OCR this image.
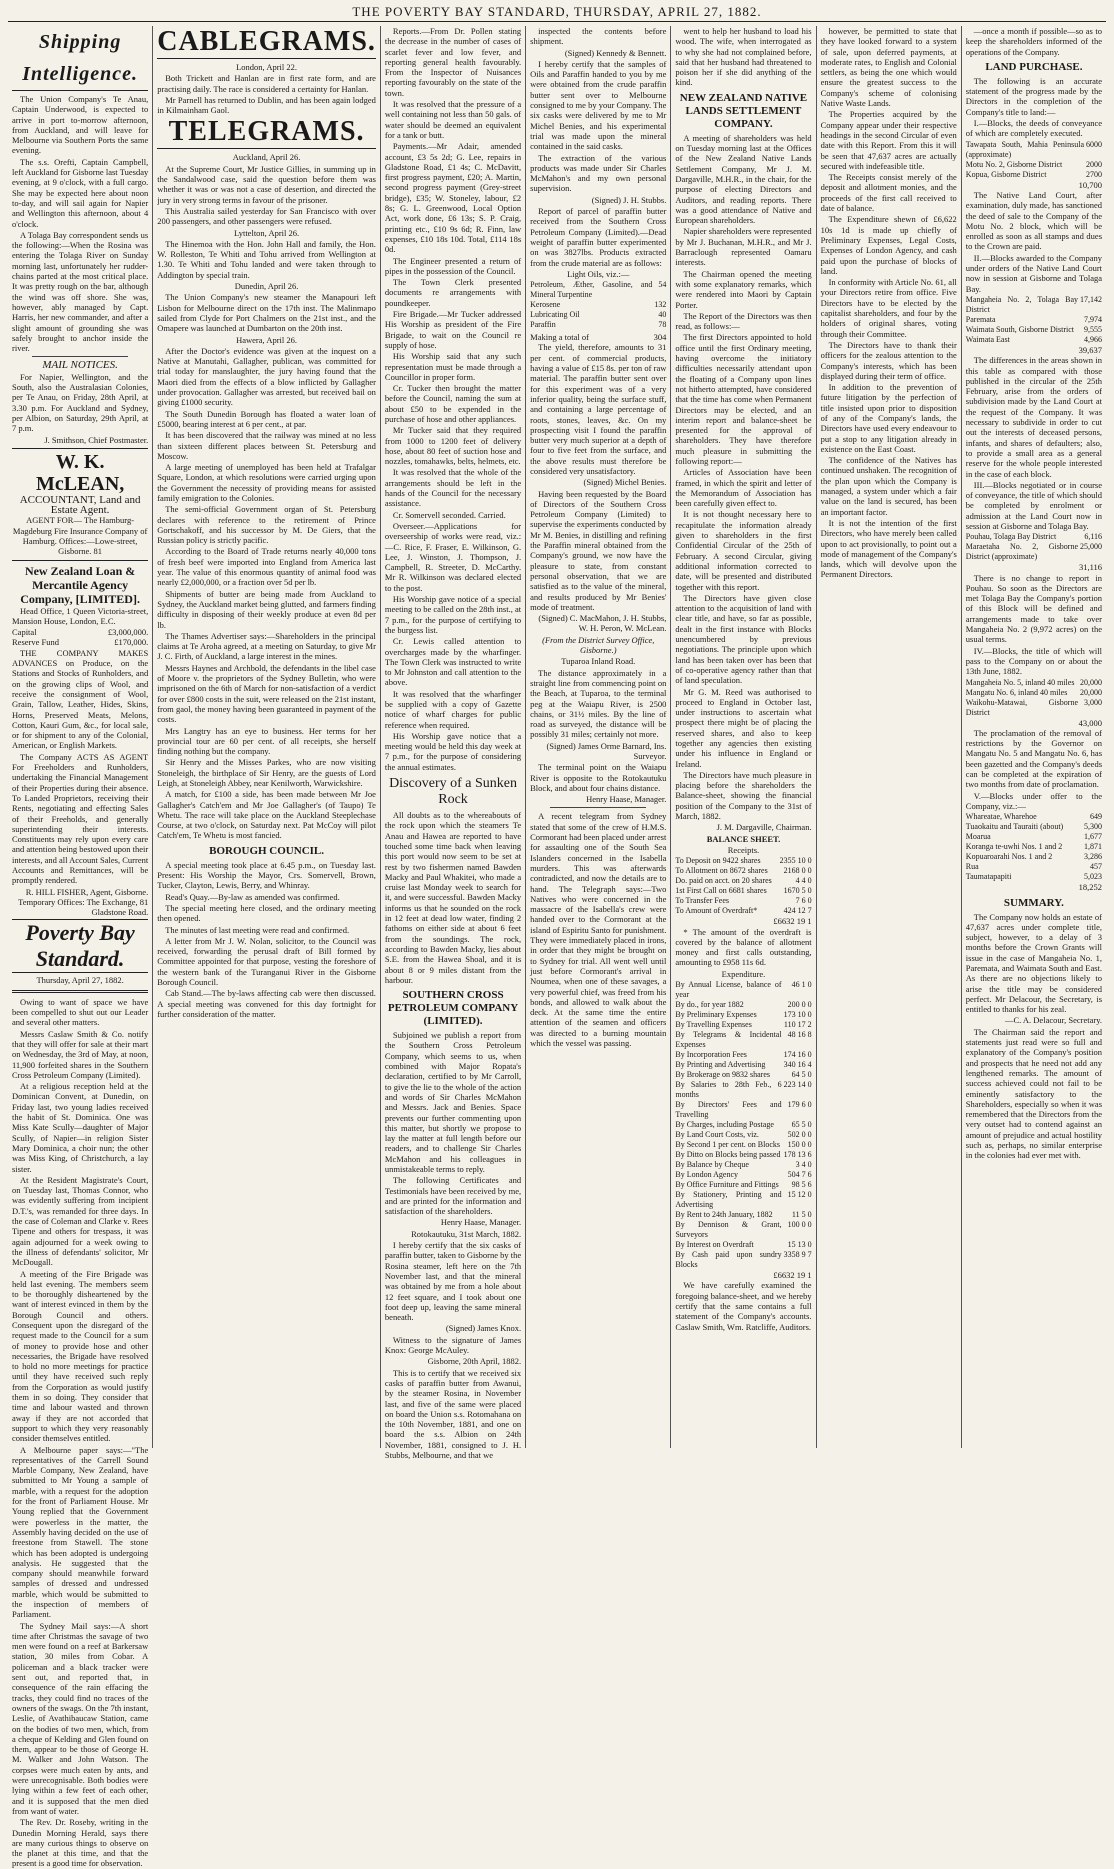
THE POVERTY BAY STANDARD, THURSDAY, APRIL 27, 1882.
Shipping Intelligence.

The Union Company's Te Anau, Captain Underwood, is expected to arrive in port to-morrow afternoon, from Auckland, and will leave for Melbourne via Southern Ports the same evening.

The s.s. Orefti, Captain Campbell, left Auckland for Gisborne last Tuesday evening, at 9 o'clock, with a full cargo. She may be expected here about noon to-day, and will sail again for Napier and Wellington this afternoon, about 4 o'clock.

A Tolaga Bay correspondent sends us the following:—When the Rosina was entering the Tolaga River on Sunday morning last, unfortunately her rudder-chains parted at the most critical place. It was pretty rough on the bar, although the wind was off shore. She was, however, ably managed by Capt. Harris, her new commander, and after a slight amount of grounding she was safely brought to anchor inside the river.

MAIL NOTICES.

For Napier, Wellington, and the South, also the Australasian Colonies, per Te Anau, on Friday, 28th April, at 3.30 p.m. For Auckland and Sydney, per Albion, on Saturday, 29th April, at 7 p.m.

J. Smithson, Chief Postmaster.

W. K. McLEAN,
ACCOUNTANT, Land and Estate Agent.

AGENT FOR— The Hamburg-Magdeburg Fire Insurance Company of Hamburg. Offices:—Lowe-street, Gisborne. 81

New Zealand Loan & Mercantile Agency Company, [LIMITED].

Head Office, 1 Queen Victoria-street, Mansion House, London, E.C.

Capital	£3,000,000.
Reserve Fund	£170,000.

THE COMPANY MAKES ADVANCES on Produce, on the Stations and Stocks of Runholders, and on the growing clips of Wool, and receive the consignment of Wool, Grain, Tallow, Leather, Hides, Skins, Horns, Preserved Meats, Melons, Cotton, Kauri Gum, &c., for local sale, or for shipment to any of the Colonial, American, or English Markets.

The Company ACTS AS AGENT For Freeholders and Runholders, undertaking the Financial Management of their Properties during their absence. To Landed Proprietors, receiving their Rents, negotiating and effecting Sales of their Freeholds, and generally superintending their interests. Constituents may rely upon every care and attention being bestowed upon their interests, and all Account Sales, Current Accounts and Remittances, will be promptly rendered.

R. HILL FISHER, Agent, Gisborne. Temporary Offices: The Exchange, 81 Gladstone Road.

Poverty Bay Standard.

Thursday, April 27, 1882.

Owing to want of space we have been compelled to shut out our Leader and several other matters.

Messrs Caslaw Smith & Co. notify that they will offer for sale at their mart on Wednesday, the 3rd of May, at noon, 11,900 forfeited shares in the Southern Cross Petroleum Company (Limited).

At a religious reception held at the Dominican Convent, at Dunedin, on Friday last, two young ladies received the habit of St. Dominica. One was Miss Kate Scully—daughter of Major Scully, of Napier—in religion Sister Mary Dominica, a choir nun; the other was Miss King, of Christchurch, a lay sister.

At the Resident Magistrate's Court, on Tuesday last, Thomas Connor, who was evidently suffering from incipient D.T.'s, was remanded for three days. In the case of Coleman and Clarke v. Rees Tipene and others for trespass, it was again adjourned for a week owing to the illness of defendants' solicitor, Mr McDougall.

A meeting of the Fire Brigade was held last evening. The members seem to be thoroughly disheartened by the want of interest evinced in them by the Borough Council and others. Consequent upon the disregard of the request made to the Council for a sum of money to provide hose and other necessaries, the Brigade have resolved to hold no more meetings for practice until they have received such reply from the Corporation as would justify them in so doing. They consider that time and labour wasted and thrown away if they are not accorded that support to which they very reasonably consider themselves entitled.

A Melbourne paper says:—"The representatives of the Carrell Sound Marble Company, New Zealand, have submitted to Mr Young a sample of marble, with a request for the adoption for the front of Parliament House. Mr Young replied that the Government were powerless in the matter, the Assembly having decided on the use of freestone from Stawell. The stone which has been adopted is undergoing analysis. He suggested that the company should meanwhile forward samples of dressed and undressed marble, which would be submitted to the inspection of members of Parliament.

The Sydney Mail says:—A short time after Christmas the savage of two men were found on a reef at Barkersaw station, 30 miles from Cobar. A policeman and a black tracker were sent out, and reported that, in consequence of the rain effacing the tracks, they could find no traces of the owners of the swags. On the 7th instant, Leslie, of Avathibaucaw Station, came on the bodies of two men, which, from a cheque of Kelding and Glen found on them, appear to be those of George H. M. Walker and John Watson. The corpses were much eaten by ants, and were unrecognisable. Both bodies were lying within a few feet of each other, and it is supposed that the men died from want of water.

The Rev. Dr. Roseby, writing in the Dunedin Morning Herald, says there are many curious things to observe on the planet at this time, and that the present is a good time for observation.

CABLEGRAMS.

London, April 22.

Both Trickett and Hanlan are in first rate form, and are practising daily. The race is considered a certainty for Hanlan.

Mr Parnell has returned to Dublin, and has been again lodged in Kilmainham Gaol.

TELEGRAMS.

Auckland, April 26.

At the Supreme Court, Mr Justice Gillies, in summing up in the Sandalwood case, said the question before them was whether it was or was not a case of desertion, and directed the jury in very strong terms in favour of the prisoner.

This Australia sailed yesterday for San Francisco with over 200 passengers, and other passengers were refused.

Lyttelton, April 26.

The Hinemoa with the Hon. John Hall and family, the Hon. W. Rolleston, Te Whiti and Tohu arrived from Wellington at 1.30. Te Whiti and Tohu landed and were taken through to Addington by special train.

Dunedin, April 26.

The Union Company's new steamer the Manapouri left Lisbon for Melbourne direct on the 17th inst. The Malinmapo sailed from Clyde for Port Chalmers on the 21st inst., and the Omapere was launched at Dumbarton on the 20th inst.

Hawera, April 26.

After the Doctor's evidence was given at the inquest on a Native at Manutahi, Gallagher, publican, was committed for trial today for manslaughter, the jury having found that the Maori died from the effects of a blow inflicted by Gallagher under provocation. Gallagher was arrested, but received bail on giving £1000 security.

The South Dunedin Borough has floated a water loan of £5000, bearing interest at 6 per cent., at par.

It has been discovered that the railway was mined at no less than sixteen different places between St. Petersburg and Moscow.

A large meeting of unemployed has been held at Trafalgar Square, London, at which resolutions were carried urging upon the Government the necessity of providing means for assisted family emigration to the Colonies.

The semi-official Government organ of St. Petersburg declares with reference to the retirement of Prince Gortschakoff, and his successor by M. De Giers, that the Russian policy is strictly pacific.

According to the Board of Trade returns nearly 40,000 tons of fresh beef were imported into England from America last year. The value of this enormous quantity of animal food was nearly £2,000,000, or a fraction over 5d per lb.

Shipments of butter are being made from Auckland to Sydney, the Auckland market being glutted, and farmers finding difficulty in disposing of their weekly produce at even 8d per lb.

The Thames Advertiser says:—Shareholders in the principal claims at Te Aroha agreed, at a meeting on Saturday, to give Mr J. C. Firth, of Auckland, a large interest in the mines.

Messrs Haynes and Archbold, the defendants in the libel case of Moore v. the proprietors of the Sydney Bulletin, who were imprisoned on the 6th of March for non-satisfaction of a verdict for over £800 costs in the suit, were released on the 21st instant, from gaol, the money having been guaranteed in payment of the costs.

Mrs Langtry has an eye to business. Her terms for her provincial tour are 60 per cent. of all receipts, she herself finding nothing but the company.

Sir Henry and the Misses Parkes, who are now visiting Stoneleigh, the birthplace of Sir Henry, are the guests of Lord Leigh, at Stoneleigh Abbey, near Kenilworth, Warwickshire.

A match, for £100 a side, has been made between Mr Joe Gallagher's Catch'em and Mr Joe Gallagher's (of Taupo) Te Whetu. The race will take place on the Auckland Steeplechase Course, at two o'clock, on Saturday next. Pat McCoy will pilot Catch'em, Te Whetu is most fancied.

BOROUGH COUNCIL.

A special meeting took place at 6.45 p.m., on Tuesday last. Present: His Worship the Mayor, Crs. Somervell, Brown, Tucker, Clayton, Lewis, Berry, and Whinray.

Read's Quay.—By-law as amended was confirmed.

The special meeting here closed, and the ordinary meeting then opened.

The minutes of last meeting were read and confirmed.

A letter from Mr J. W. Nolan, solicitor, to the Council was received, forwarding the perusal draft of Bill formed by Committee appointed for that purpose, vesting the foreshore of the western bank of the Turanganui River in the Gisborne Borough Council.

Cab Stand.—The by-laws affecting cab were then discussed. A special meeting was convened for this day fortnight for further consideration of the matter.

Reports.—From Dr. Pollen stating the decrease in the number of cases of scarlet fever and low fever, and reporting general health favourably. From the Inspector of Nuisances reporting favourably on the state of the town.

It was resolved that the pressure of a well containing not less than 50 gals. of water should be deemed an equivalent for a tank or butt.

Payments.—Mr Adair, amended account, £3 5s 2d; G. Lee, repairs in Gladstone Road, £1 4s; C. McDavitt, first progress payment, £20; A. Martin, second progress payment (Grey-street bridge), £35; W. Stoneley, labour, £2 8s; G. L. Greenwood, Local Option Act, work done, £6 13s; S. P. Craig, printing etc., £10 9s 6d; R. Finn, law expenses, £10 18s 10d. Total, £114 18s 0d.

The Engineer presented a return of pipes in the possession of the Council.

The Town Clerk presented documents re arrangements with poundkeeper.

Fire Brigade.—Mr Tucker addressed His Worship as president of the Fire Brigade, to wait on the Council re supply of hose.

His Worship said that any such representation must be made through a Councillor in proper form.

Cr. Tucker then brought the matter before the Council, naming the sum at about £50 to be expended in the purchase of hose and other appliances.

Mr Tucker said that they required from 1000 to 1200 feet of delivery hose, about 80 feet of suction hose and nozzles, tomahawks, belts, helmets, etc.

It was resolved that the whole of the arrangements should be left in the hands of the Council for the necessary assistance.

Cr. Somervell seconded. Carried.

Overseer.—Applications for overseership of works were read, viz.:—C. Rice, F. Fraser, E. Wilkinson, G. Lee, J. Winston, J. Thompson, J. Campbell, R. Streeter, D. McCarthy. Mr R. Wilkinson was declared elected to the post.

His Worship gave notice of a special meeting to be called on the 28th inst., at 7 p.m., for the purpose of certifying to the burgess list.

Cr. Lewis called attention to overcharges made by the wharfinger. The Town Clerk was instructed to write to Mr Johnston and call attention to the above.

It was resolved that the wharfinger be supplied with a copy of Gazette notice of wharf charges for public reference when required.

His Worship gave notice that a meeting would be held this day week at 7 p.m., for the purpose of considering the annual estimates.

Discovery of a Sunken Rock

All doubts as to the whereabouts of the rock upon which the steamers Te Anau and Hawea are reported to have touched some time back when leaving this port would now seem to be set at rest by two fishermen named Bawden Macky and Paul Whakitei, who made a cruise last Monday week to search for it, and were successful. Bawden Macky informs us that he sounded on the rock in 12 feet at dead low water, finding 2 fathoms on either side at about 6 feet from the soundings. The rock, according to Bawden Macky, lies about S.E. from the Hawea Shoal, and it is about 8 or 9 miles distant from the harbour.

SOUTHERN CROSS PETROLEUM COMPANY (LIMITED).

Subjoined we publish a report from the Southern Cross Petroleum Company, which seems to us, when combined with Major Ropata's declaration, certified to by Mr Carroll, to give the lie to the whole of the action and words of Sir Charles McMahon and Messrs. Jack and Benies. Space prevents our further commenting upon this matter, but shortly we propose to lay the matter at full length before our readers, and to challenge Sir Charles McMahon and his colleagues in unmistakeable terms to reply.

The following Certificates and Testimonials have been received by me, and are printed for the information and satisfaction of the shareholders.

Henry Haase, Manager.

Rotokautuku, 31st March, 1882.

I hereby certify that the six casks of paraffin butter, taken to Gisborne by the Rosina steamer, left here on the 7th November last, and that the mineral was obtained by me from a hole about 12 feet square, and I took about one foot deep up, leaving the same mineral beneath.

(Signed) James Knox.

Witness to the signature of James Knox: George McAuley.

Gisborne, 20th April, 1882.

This is to certify that we received six casks of paraffin butter from Awanui, by the steamer Rosina, in November last, and five of the same were placed on board the Union s.s. Rotomahana on the 10th November, 1881, and one on board the s.s. Albion on 24th November, 1881, consigned to J. H. Stubbs, Melbourne, and that we

inspected the contents before shipment.

(Signed) Kennedy & Bennett.

I hereby certify that the samples of Oils and Paraffin handed to you by me were obtained from the crude paraffin butter sent over to Melbourne consigned to me by your Company. The six casks were delivered by me to Mr Michel Benies, and his experimental trial was made upon the mineral contained in the said casks.

The extraction of the various products was made under Sir Charles McMahon's and my own personal supervision.

(Signed) J. H. Stubbs.

Report of parcel of paraffin butter received from the Southern Cross Petroleum Company (Limited).—Dead weight of paraffin butter experimented on was 3827lbs. Products extracted from the crude material are as follows:

Light Oils, viz.:—

Petroleum, Æther, Gasoline, and Mineral Turpentine	54
Kerosene	132
Lubricating Oil	40
Paraffin	78
Making a total of	304

The yield, therefore, amounts to 31 per cent. of commercial products, having a value of £15 8s. per ton of raw material. The paraffin butter sent over for this experiment was of a very inferior quality, being the surface stuff, and containing a large percentage of roots, stones, leaves, &c. On my prospecting visit I found the paraffin butter very much superior at a depth of four to five feet from the surface, and the above results must therefore be considered very unsatisfactory.

(Signed) Michel Benies.

Having been requested by the Board of Directors of the Southern Cross Petroleum Company (Limited) to supervise the experiments conducted by Mr M. Benies, in distilling and refining the Paraffin mineral obtained from the Company's ground, we now have the pleasure to state, from constant personal observation, that we are satisfied as to the value of the mineral, and results produced by Mr Benies' mode of treatment.

(Signed) C. MacMahon, J. H. Stubbs, W. H. Peron, W. McLean.

(From the District Survey Office, Gisborne.)

Tuparoa Inland Road.

The distance approximately in a straight line from commencing point on the Beach, at Tuparoa, to the terminal peg at the Waiapu River, is 2500 chains, or 31½ miles. By the line of road as surveyed, the distance will be possibly 31 miles; certainly not more.

(Signed) James Orme Barnard, Ins. Surveyor.

The terminal point on the Waiapu River is opposite to the Rotokautuku Block, and about four chains distance.

Henry Haase, Manager.

A recent telegram from Sydney stated that some of the crew of H.M.S. Cormorant had been placed under arrest for assaulting one of the South Sea Islanders concerned in the Isabella murders. This was afterwards contradicted, and now the details are to hand. The Telegraph says:—Two Natives who were concerned in the massacre of the Isabella's crew were handed over to the Cormorant at the island of Espiritu Santo for punishment. They were immediately placed in irons, in order that they might be brought on to Sydney for trial. All went well until just before Cormorant's arrival in Noumea, when one of these savages, a very powerful chief, was freed from his bonds, and allowed to walk about the deck. At the same time the entire attention of the seamen and officers was directed to a burning mountain which the vessel was passing.

went to help her husband to load his wood. The wife, when interrogated as to why she had not complained before, said that her husband had threatened to poison her if she did anything of the kind.

NEW ZEALAND NATIVE LANDS SETTLEMENT COMPANY.

A meeting of shareholders was held on Tuesday morning last at the Offices of the New Zealand Native Lands Settlement Company, Mr J. M. Dargaville, M.H.R., in the chair, for the purpose of electing Directors and Auditors, and reading reports. There was a good attendance of Native and European shareholders.

Napier shareholders were represented by Mr J. Buchanan, M.H.R., and Mr J. Barraclough represented Oamaru interests.

The Chairman opened the meeting with some explanatory remarks, which were rendered into Maori by Captain Porter.

The Report of the Directors was then read, as follows:—

The first Directors appointed to hold office until the first Ordinary meeting, having overcome the initiatory difficulties necessarily attendant upon the floating of a Company upon lines not hitherto attempted, have considered that the time has come when Permanent Directors may be elected, and an interim report and balance-sheet be presented for the approval of shareholders. They have therefore much pleasure in submitting the following report:—

Articles of Association have been framed, in which the spirit and letter of the Memorandum of Association has been carefully given effect to.

It is not thought necessary here to recapitulate the information already given to shareholders in the first Confidential Circular of the 25th of February. A second Circular, giving additional information corrected to date, will be presented and distributed together with this report.

The Directors have given close attention to the acquisition of land with clear title, and have, so far as possible, dealt in the first instance with Blocks unencumbered by previous negotiations. The principle upon which land has been taken over has been that of co-operative agency rather than that of land speculation.

Mr G. M. Reed was authorised to proceed to England in October last, under instructions to ascertain what prospect there might be of placing the reserved shares, and also to keep together any agencies then existing under his influence in England or Ireland.

The Directors have much pleasure in placing before the shareholders the Balance-sheet, showing the financial position of the Company to the 31st of March, 1882.

J. M. Dargaville, Chairman.

BALANCE SHEET.

Receipts.

To Deposit on 9422 shares	2355 10 0
To Allotment on 8672 shares	2168 0 0
Do. paid on acct. on 20 shares	4 4 0
1st First Call on 6681 shares	1670 5 0
To Transfer Fees	7 6 0
To Amount of Overdraft*	424 12 7
£6632 19 1

* The amount of the overdraft is covered by the balance of allotment money and first calls outstanding, amounting to £958 11s 6d.

Expenditure.

By Annual License, balance of year	46 1 0
By do., for year 1882	200 0 0
By Preliminary Expenses	173 10 0
By Travelling Expenses	110 17 2
By Telegrams & Incidental Expenses	48 16 8
By Incorporation Fees	174 16 0
By Printing and Advertising	340 16 4
By Brokerage on 9832 shares	64 5 0
By Salaries to 28th Feb., 6 months	223 14 0
By Directors' Fees and Travelling	179 6 0
By Charges, including Postage	65 5 0
By Land Court Costs, viz.	502 0 0
By Second 1 per cent. on Blocks	150 0 0
By Ditto on Blocks being passed	178 13 6
By Balance by Cheque	3 4 0
By London Agency	504 7 6
By Office Furniture and Fittings	98 5 6
By Stationery, Printing and Advertising	15 12 0
By Rent to 24th January, 1882	11 5 0
By Dennison & Grant, Surveyors	100 0 0
By Interest on Overdraft	15 13 0
By Cash paid upon sundry Blocks	3358 9 7
£6632 19 1

We have carefully examined the foregoing balance-sheet, and we hereby certify that the same contains a full statement of the Company's accounts. Caslaw Smith, Wm. Ratcliffe, Auditors.

however, be permitted to state that they have looked forward to a system of sale, upon deferred payments, at moderate rates, to English and Colonial settlers, as being the one which would ensure the greatest success to the Company's scheme of colonising Native Waste Lands.

The Properties acquired by the Company appear under their respective headings in the second Circular of even date with this Report. From this it will be seen that 47,637 acres are actually secured with indefeasible title.

The Receipts consist merely of the deposit and allotment monies, and the proceeds of the first call received to date of balance.

The Expenditure shewn of £6,622 10s 1d is made up chiefly of Preliminary Expenses, Legal Costs, Expenses of London Agency, and cash paid upon the purchase of blocks of land.

In conformity with Article No. 61, all your Directors retire from office. Five Directors have to be elected by the capitalist shareholders, and four by the holders of original shares, voting through their Committee.

The Directors have to thank their officers for the zealous attention to the Company's interests, which has been displayed during their term of office.

In addition to the prevention of future litigation by the perfection of title insisted upon prior to disposition of any of the Company's lands, the Directors have used every endeavour to put a stop to any litigation already in existence on the East Coast.

The confidence of the Natives has continued unshaken. The recognition of the plan upon which the Company is managed, a system under which a fair value on the land is secured, has been an important factor.

It is not the intention of the first Directors, who have merely been called upon to act provisionally, to point out a mode of management of the Company's lands, which will devolve upon the Permanent Directors.

—once a month if possible—so as to keep the shareholders informed of the operations of the Company.

LAND PURCHASE.

The following is an accurate statement of the progress made by the Directors in the completion of the Company's title to land:—

I.—Blocks, the deeds of conveyance of which are completely executed.

Tawapata South, Mahia Peninsula (approximate)	6000
Motu No. 2, Gisborne District	2000
Kopua, Gisborne District	2700
10,700

The Native Land Court, after examination, duly made, has sanctioned the deed of sale to the Company of the Motu No. 2 block, which will be enrolled as soon as all stamps and dues to the Crown are paid.

II.—Blocks awarded to the Company under orders of the Native Land Court now in session at Gisborne and Tolaga Bay.

Mangaheia No. 2, Tolaga Bay District	17,142
Paremata	7,974
Waimata South, Gisborne District	9,555
Waimata East	4,966
39,637

The differences in the areas shown in this table as compared with those published in the circular of the 25th February, arise from the orders of subdivision made by the Land Court at the request of the Company. It was necessary to subdivide in order to cut out the interests of deceased persons, infants, and shares of defaulters; also, to provide a small area as a general reserve for the whole people interested in the case of each block.

III.—Blocks negotiated or in course of conveyance, the title of which should be completed by enrolment or admission at the Land Court now in session at Gisborne and Tolaga Bay.

Pouhau, Tolaga Bay District	6,116
Maraetaha No. 2, Gisborne District (approximate)	25,000
31,116

There is no change to report in Pouhau. So soon as the Directors are met Tolaga Bay the Company's portion of this Block will be defined and arrangements made to take over Mangaheia No. 2 (9,972 acres) on the usual terms.

IV.—Blocks, the title of which will pass to the Company on or about the 13th June, 1882.

Mangaheia No. 5, inland 40 miles	20,000
Mangatu No. 6, inland 40 miles	20,000
Waikohu-Matawai, Gisborne District	3,000
43,000

The proclamation of the removal of restrictions by the Governor on Mangatu No. 5 and Mangatu No. 6, has been gazetted and the Company's deeds can be completed at the expiration of two months from date of proclamation.

V.—Blocks under offer to the Company, viz.:—

Whareatae, Wharehoe	649
Tuaokaitu and Tauraiti (about)	5,300
Moarua	1,677
Koranga te-uwhi Nos. 1 and 2	1,871
Kopuaroarahi Nos. 1 and 2	3,286
Rua	457
Taumatapapiti	5,023
18,252
SUMMARY.

The Company now holds an estate of 47,637 acres under complete title, subject, however, to a delay of 3 months before the Crown Grants will issue in the case of Mangaheia No. 1, Paremata, and Waimata South and East. As there are no objections likely to arise the title may be considered perfect. Mr Delacour, the Secretary, is entitled to thanks for his zeal.

—C. A. Delacour, Secretary.

The Chairman said the report and statements just read were so full and explanatory of the Company's position and prospects that he need not add any lengthened remarks. The amount of success achieved could not fail to be eminently satisfactory to the Shareholders, especially so when it was remembered that the Directors from the very outset had to contend against an amount of prejudice and actual hostility such as, perhaps, no similar enterprise in the colonies had ever met with.
